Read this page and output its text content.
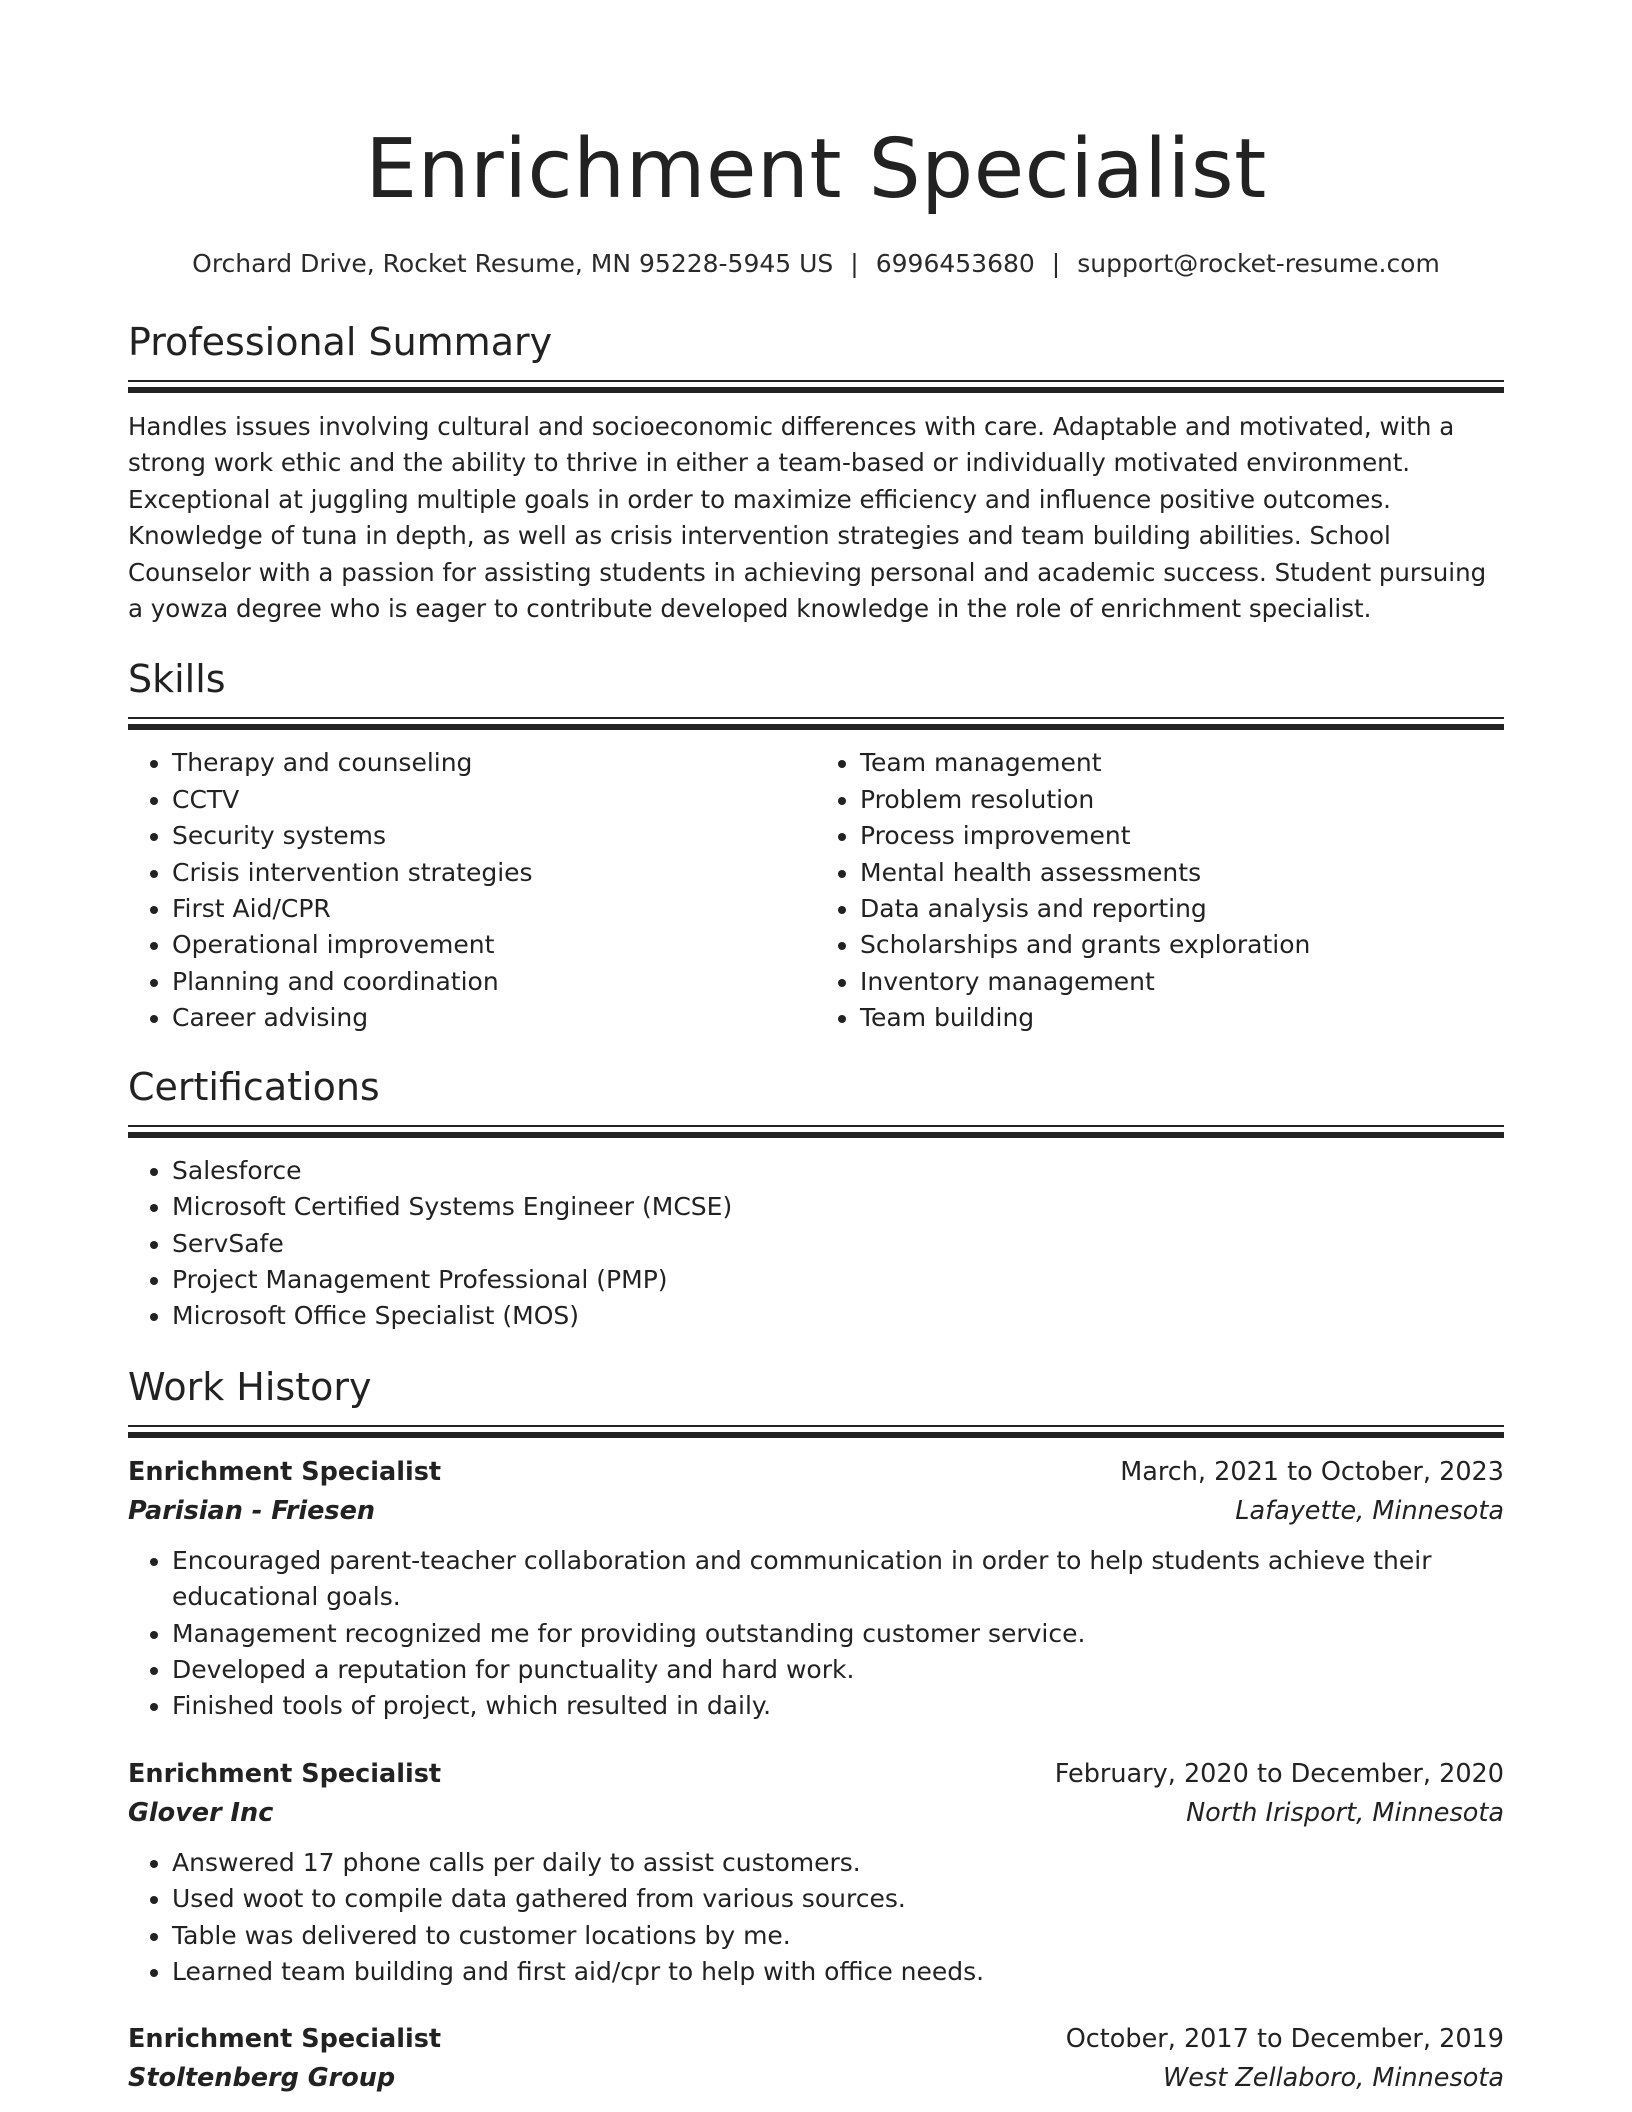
Enrichment Specialist
Orchard Drive, Rocket Resume, MN 95228-5945 US | 6996453680 | support@rocket-resume.com
Professional Summary

Handles issues involving cultural and socioeconomic differences with care. Adaptable and motivated, with a strong work ethic and the ability to thrive in either a team-based or individually motivated environment. Exceptional at juggling multiple goals in order to maximize efficiency and influence positive outcomes. Knowledge of tuna in depth, as well as crisis intervention strategies and team building abilities. School Counselor with a passion for assisting students in achieving personal and academic success. Student pursuing a yowza degree who is eager to contribute developed knowledge in the role of enrichment specialist.

Skills
• Therapy and counseling
• CCTV
• Security systems
• Crisis intervention strategies
• First Aid/CPR
• Operational improvement
• Planning and coordination
• Career advising
• Team management
• Problem resolution
• Process improvement
• Mental health assessments
• Data analysis and reporting
• Scholarships and grants exploration
• Inventory management
• Team building
Certifications
• Salesforce
• Microsoft Certified Systems Engineer (MCSE)
• ServSafe
• Project Management Professional (PMP)
• Microsoft Office Specialist (MOS)
Work History
Enrichment Specialist	March, 2021 to October, 2023
Parisian - Friesen	Lafayette, Minnesota
• Encouraged parent-teacher collaboration and communication in order to help students achieve their educational goals.
• Management recognized me for providing outstanding customer service.
• Developed a reputation for punctuality and hard work.
• Finished tools of project, which resulted in daily.
Enrichment Specialist	February, 2020 to December, 2020
Glover Inc	North Irisport, Minnesota
• Answered 17 phone calls per daily to assist customers.
• Used woot to compile data gathered from various sources.
• Table was delivered to customer locations by me.
• Learned team building and first aid/cpr to help with office needs.
Enrichment Specialist	October, 2017 to December, 2019
Stoltenberg Group	West Zellaboro, Minnesota
